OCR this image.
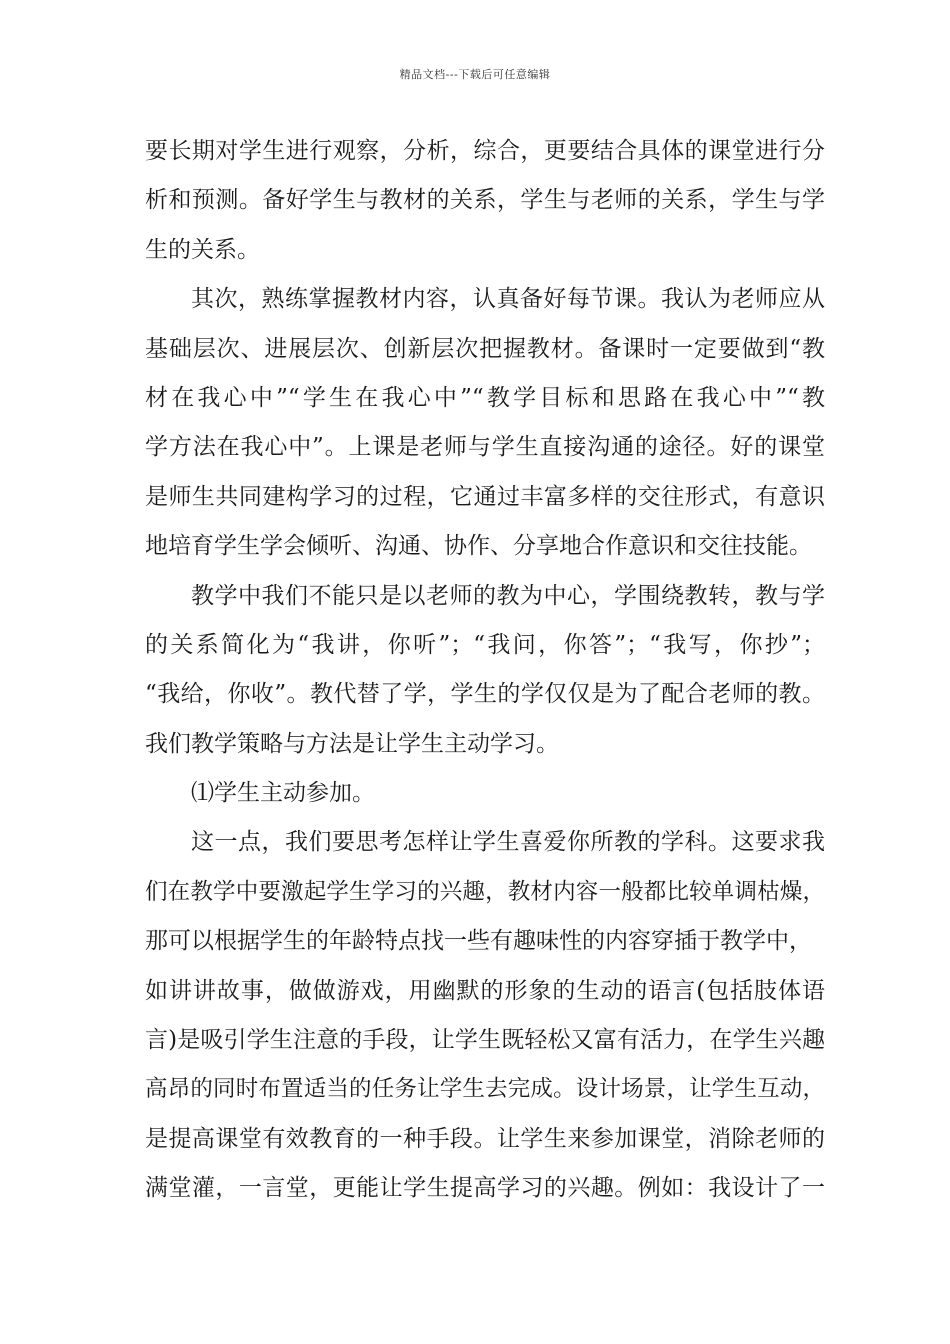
精品文档---下载后可任意编辑
要长期对学生进行观察，分析，综合，更要结合具体的课堂进行分
析和预测。备好学生与教材的关系，学生与老师的关系，学生与学
生的关系。
其次，熟练掌握教材内容，认真备好每节课。我认为老师应从
基础层次、进展层次、创新层次把握教材。备课时一定要做到“教
材在我心中”“学生在我心中”“教学目标和思路在我心中”“教
学方法在我心中”。上课是老师与学生直接沟通的途径。好的课堂
是师生共同建构学习的过程，它通过丰富多样的交往形式，有意识
地培育学生学会倾听、沟通、协作、分享地合作意识和交往技能。
教学中我们不能只是以老师的教为中心，学围绕教转，教与学
的关系简化为“我讲，你听”；“我问，你答”；“我写，你抄”；
“我给，你收”。教代替了学，学生的学仅仅是为了配合老师的教。
我们教学策略与方法是让学生主动学习。
⑴学生主动参加。
这一点，我们要思考怎样让学生喜爱你所教的学科。这要求我
们在教学中要激起学生学习的兴趣，教材内容一般都比较单调枯燥，
那可以根据学生的年龄特点找一些有趣味性的内容穿插于教学中，
如讲讲故事，做做游戏，用幽默的形象的生动的语言(包括肢体语
言)是吸引学生注意的手段，让学生既轻松又富有活力，在学生兴趣
高昂的同时布置适当的任务让学生去完成。设计场景，让学生互动，
是提高课堂有效教育的一种手段。让学生来参加课堂，消除老师的
满堂灌，一言堂，更能让学生提高学习的兴趣。例如：我设计了一
